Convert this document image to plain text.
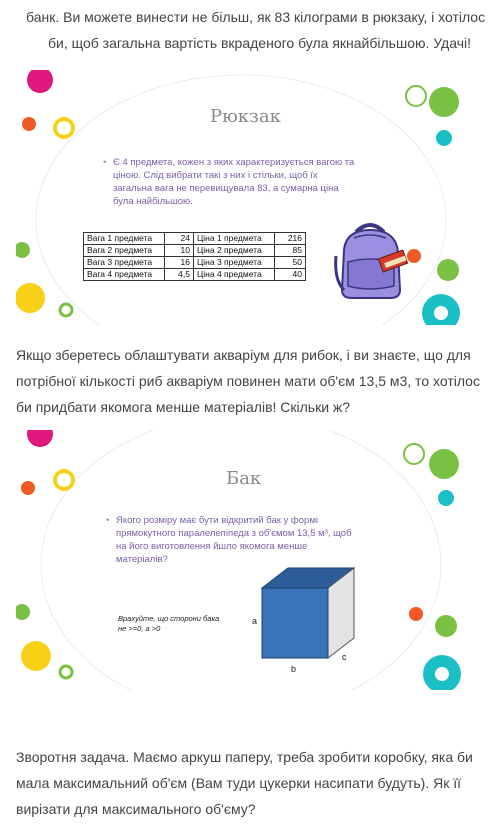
банк. Ви можете винести не більш, як 83 кілограми в рюкзаку, і хотілос
би, щоб загальна вартість вкраденого була якнайбільшою. Удачі!
Рюкзак
• Є 4 предмета, кожен з яких характеризується вагою та
ціною. Слід вибрати такі з них і стільки, щоб їх
загальна вага не перевищувала 83, а сумарна ціна
була найбільшою.
Вага 1 предмета	24	Ціна 1 предмета	216
Вага 2 предмета	10	Ціна 2 предмета	85
Вага 3 предмета	16	Ціна 3 предмета	50
Вага 4 предмета	4,5	Ціна 4 предмета	40
Якщо зберетесь облаштувати акваріум для рибок, і ви знаєте, що для
потрібної кількості риб акваріум повинен мати об'єм 13,5 м3, то хотілос
би придбати якомога менше матеріалів! Скільки ж?
Бак
• Якого розміру має бути відкритий бак у формі
прямокутного паралелепіпеда з об'ємом 13,5 м³, щоб
на його виготовлення йшло якомога менше
матеріалів?
Врахуйте, що сторони бака
не >=0, а >0
a
b
c
Зворотня задача. Маємо аркуш паперу, треба зробити коробку, яка би
мала максимальний об'єм (Вам туди цукерки насипати будуть). Як її
вирізати для максимального об'єму?
